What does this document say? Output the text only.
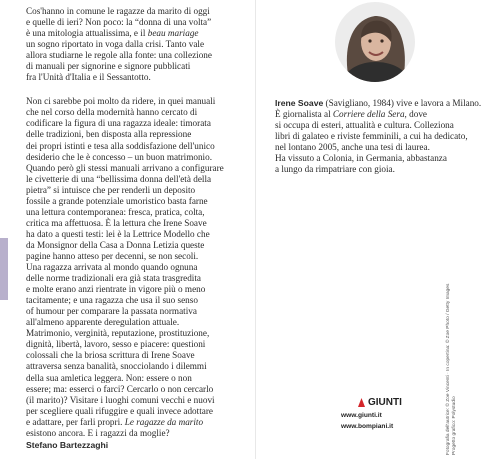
Cos'hanno in comune le ragazze da marito di oggi
e quelle di ieri? Non poco: la “donna di una volta”
è una mitologia attualissima, e il beau mariage
un sogno riportato in voga dalla crisi. Tanto vale
allora studiarne le regole alla fonte: una collezione
di manuali per signorine e signore pubblicati
fra l'Unità d'Italia e il Sessantotto.

Non ci sarebbe poi molto da ridere, in quei manuali
che nel corso della modernità hanno cercato di
codificare la figura di una ragazza ideale: timorata
delle tradizioni, ben disposta alla repressione
dei propri istinti e tesa alla soddisfazione dell'unico
desiderio che le è concesso – un buon matrimonio.
Quando però gli stessi manuali arrivano a configurare
le civetterie di una “bellissima donna dell'età della
pietra” si intuisce che per renderli un deposito
fossile a grande potenziale umoristico basta farne
una lettura contemporanea: fresca, pratica, colta,
critica ma affettuosa. È la lettura che Irene Soave
ha dato a questi testi: lei è la Lettrice Modello che
da Monsignor della Casa a Donna Letizia queste
pagine hanno atteso per decenni, se non secoli.
Una ragazza arrivata al mondo quando ognuna
delle norme tradizionali era già stata trasgredita
e molte erano anzi rientrate in vigore più o meno
tacitamente; e una ragazza che usa il suo senso
of humour per comparare la passata normativa
all'almeno apparente deregulation attuale.
Matrimonio, verginità, reputazione, prostituzione,
dignità, libertà, lavoro, sesso e piacere: questioni
colossali che la briosa scrittura di Irene Soave
attraversa senza banalità, snocciolando i dilemmi
della sua amletica leggera. Non: essere o non
essere; ma: esserci o farci? Cercarlo o non cercarlo
(il marito)? Visitare i luoghi comuni vecchi e nuovi
per scegliere quali rifuggire e quali invece adottare
e adattare, per farli propri. Le ragazze da marito
esistono ancora. E i ragazzi da moglie?

Stefano Bartezzaghi

Irene Soave (Savigliano, 1984) vive e lavora a Milano.
È giornalista al Corriere della Sera, dove
si occupa di esteri, attualità e cultura. Colleziona
libri di galateo e riviste femminili, a cui ha dedicato,
nel lontano 2005, anche una tesi di laurea.
Ha vissuto a Colonia, in Germania, abbastanza
a lungo da rimpatriare con gioia.

GIUNTI
www.giunti.it
www.bompiani.it	Fotografia dell'autrice: © Zoe Vincenti · In copertina: © Zoe Photo / Getty Images Progetto grafico: Polystudio
